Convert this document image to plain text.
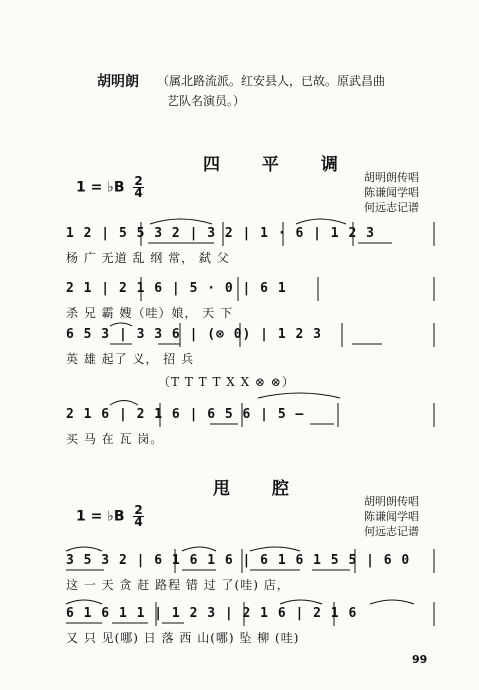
胡明朗 （属北路流派。红安县人，已故。原武昌曲
艺队名演员。）
四 平 调
1 = ♭B $\frac{2}{4}$	胡明朗传唱
陈谦闻学唱
何远志记谱
1 2 | 5 5 3 2 | 3 2 | 1 · 6 | 1 2 3
杨 广 无道 乱 纲 常， 弑 父
2 1 | 2 1 6 | 5 · 0 | 6 1
杀 兄 霸 嫂（哇）娘， 天 下
6 5 3 | 3 3 6 | (⊗ 0) | 1 2 3
英 雄 起了 义， 招 兵
（T T T T X X ⊗ ⊗）
2 1 6 | 2 1 6 | 6 5 6 | 5 —
买 马 在 瓦 岗。
甩 腔
1 = ♭B $\frac{2}{4}$
胡明朗传唱
陈谦闻学唱
何远志记谱
3 5 3 2 | 6 1 6 1 6 | 6 1 6 1 5 5 | 6 0
这 一 天 贪 赶 路程 错 过 了(哇) 店，
6 1 6 1 1 | 1 2 3 | 2 1 6 | 2 1 6
又 只 见(哪) 日 落 西 山(哪) 坠 柳 (哇)
99
